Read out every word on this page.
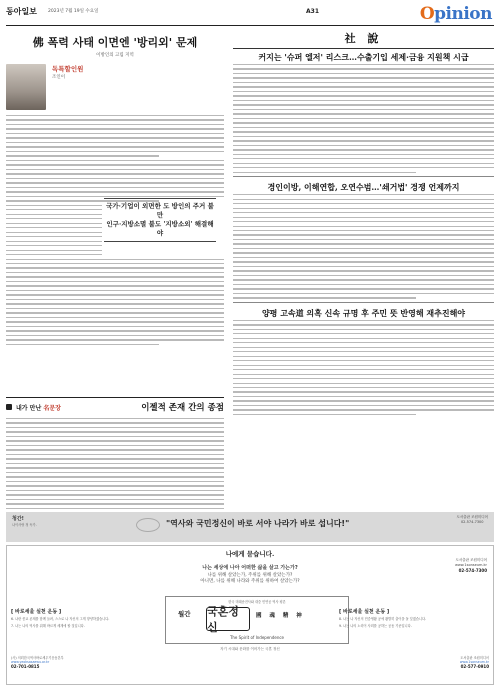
동아일보 2023년 7월 19일 수요일	A31	Opinion
佛 폭력 사태 이면엔 '방리외' 문제
이방인의 고립 지역
독특할인원
조인이
국가·기업이 외면한 도 방인의 주거 불만
인구·지방소멸 불도 '지방소외' 해결해야
내가 만난 名문장	이젤적 존재 간의 종점
社 說
커지는 '슈퍼 엘저' 리스크…수출기입 세제·금융 지원책 시급
경인이방, 이해연합, 오연수범…'쇄거법' 경쟁 언제까지
양평 고속道 의혹 신속 규명 후 주민 뜻 반영해 재추진해야
청간!
나이사랑 정 독가.	"역사와 국민정신이 바로 서야 나라가 바로 섭니다!"
도서출판 조원미디어
02-574-7300
나에게 묻습니다.
나는 세상에 나아 어떠한 삶을 살고 가는가?
나를 위해 살았는가, 주위를 위해 살았는가?
아니면, 나를 위해 나라와 주위를 위하여 살았는가?
도서출판 조원미디어
www.1sonseum.kr
02-574-7300
[ 바로세울 실천 운동 ]
6. 나란 종교 존재를 함께 들려, 스스로 나 자신의 그게 향양하겠습니다.
7. 나는 나의 역사를 위해 바르게 세계에 할 것입니다.
한국 미래준전사와 대중 민연공 역사 평론
월간 국혼정신
國 魂 精 神
The Spirit of Independence
[ 바로세울 실천 운동 ]
8. 나는 나 자신의 민중생활 공에 활발히 출이을 돌 잊겠습니다.
9. 나는 나의 노력이 사회를 공하는 공동 기준입니다.
자기 시대와 문화를 이어가는 국혼 정신
(사) 의회한국역사바로세우기운동본부
www.yeoksasaewu.or.kr
02-701-0815
도서출판 조원미디어
www.1sonseum.kr
02-577-0910
